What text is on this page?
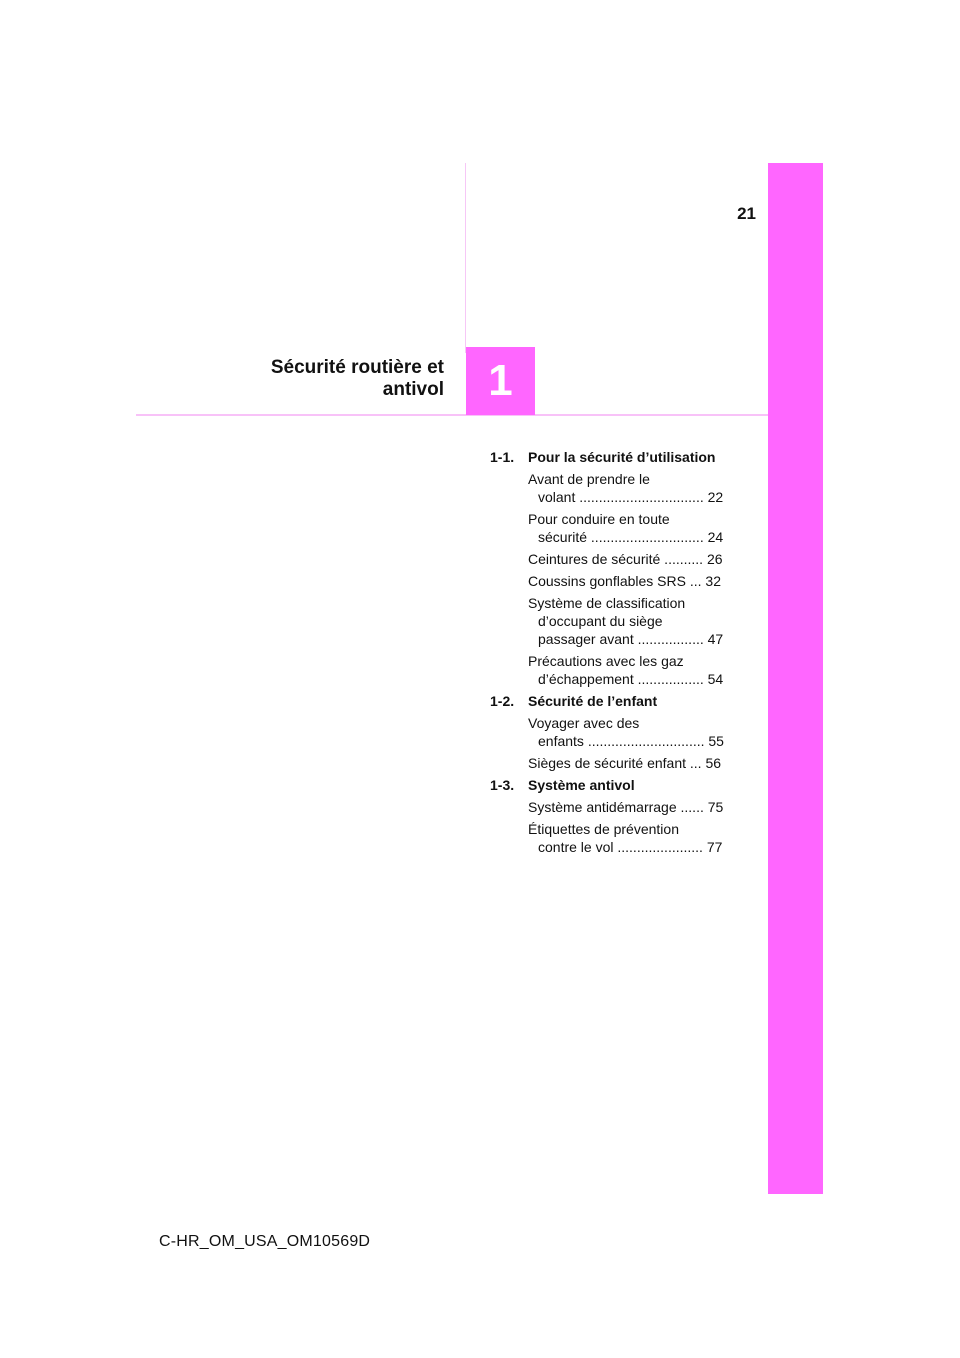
21
1
Sécurité routière et
antivol
1-1. Pour la sécurité d’utilisation
Avant de prendre le
volant ................................ 22
Pour conduire en toute
sécurité ............................. 24
Ceintures de sécurité .......... 26
Coussins gonflables SRS ... 32
Système de classification
d’occupant du siège
passager avant ................. 47
Précautions avec les gaz
d’échappement ................. 54
1-2. Sécurité de l’enfant
Voyager avec des
enfants .............................. 55
Sièges de sécurité enfant ... 56
1-3. Système antivol
Système antidémarrage ...... 75
Étiquettes de prévention
contre le vol ...................... 77
C-HR_OM_USA_OM10569D
